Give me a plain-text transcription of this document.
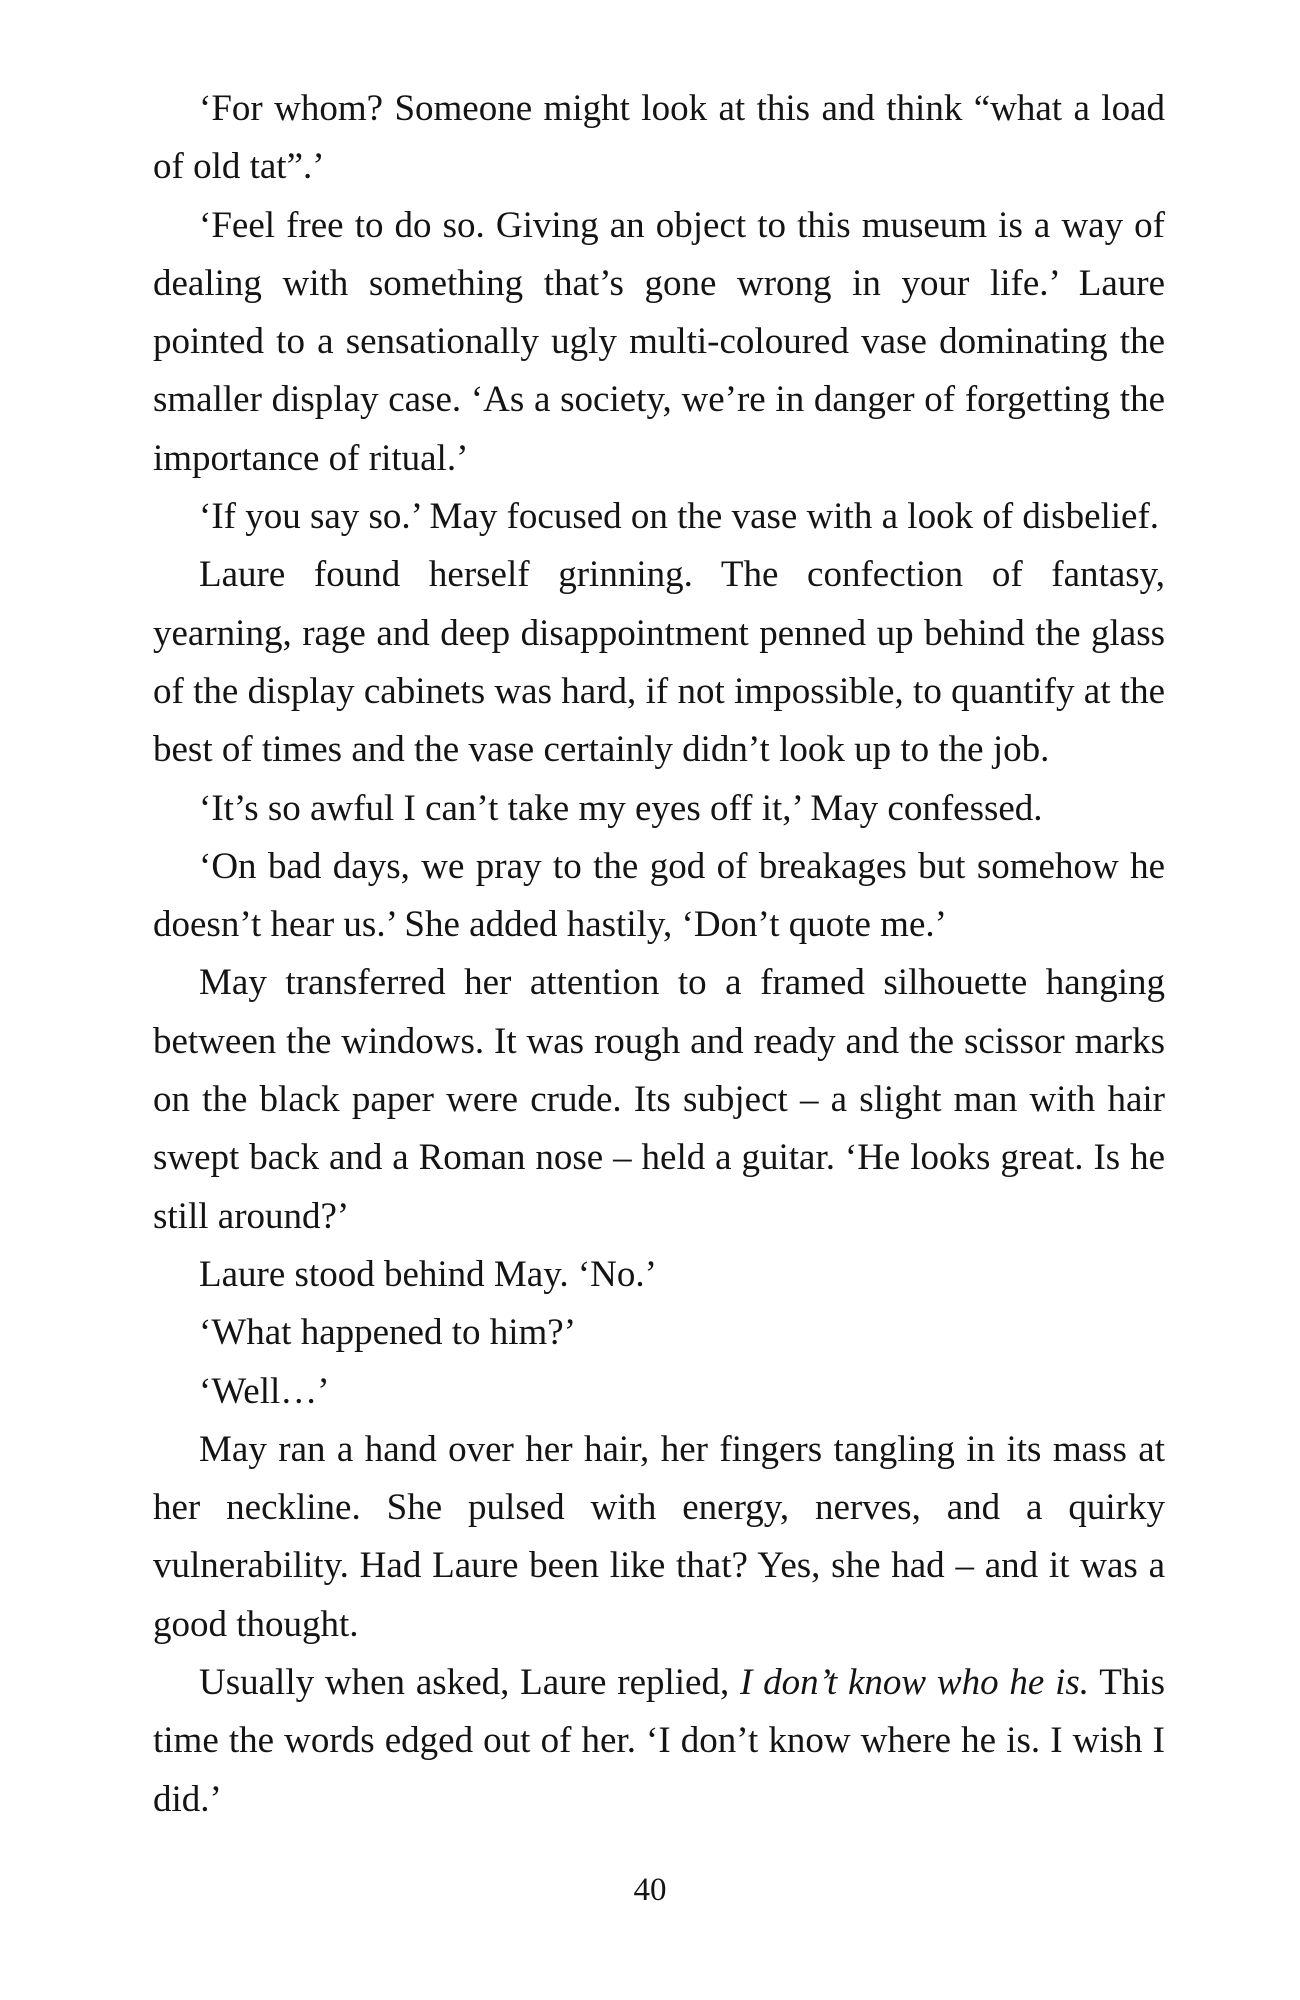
‘For whom? Someone might look at this and think “what a load of old tat”.’

‘Feel free to do so. Giving an object to this museum is a way of dealing with something that’s gone wrong in your life.’ Laure pointed to a sensationally ugly multi-coloured vase dominating the smaller display case. ‘As a society, we’re in danger of forgetting the importance of ritual.’

‘If you say so.’ May focused on the vase with a look of disbelief.

Laure found herself grinning. The confection of fantasy, yearning, rage and deep disappointment penned up behind the glass of the display cabinets was hard, if not impossible, to quantify at the best of times and the vase certainly didn’t look up to the job.

‘It’s so awful I can’t take my eyes off it,’ May confessed.

‘On bad days, we pray to the god of breakages but somehow he doesn’t hear us.’ She added hastily, ‘Don’t quote me.’

May transferred her attention to a framed silhouette hanging between the windows. It was rough and ready and the scissor marks on the black paper were crude. Its subject – a slight man with hair swept back and a Roman nose – held a guitar. ‘He looks great. Is he still around?’

Laure stood behind May. ‘No.’

‘What happened to him?’

‘Well…’

May ran a hand over her hair, her fingers tangling in its mass at her neckline. She pulsed with energy, nerves, and a quirky vulnerability. Had Laure been like that? Yes, she had – and it was a good thought.

Usually when asked, Laure replied, I don’t know who he is. This time the words edged out of her. ‘I don’t know where he is. I wish I did.’

40
